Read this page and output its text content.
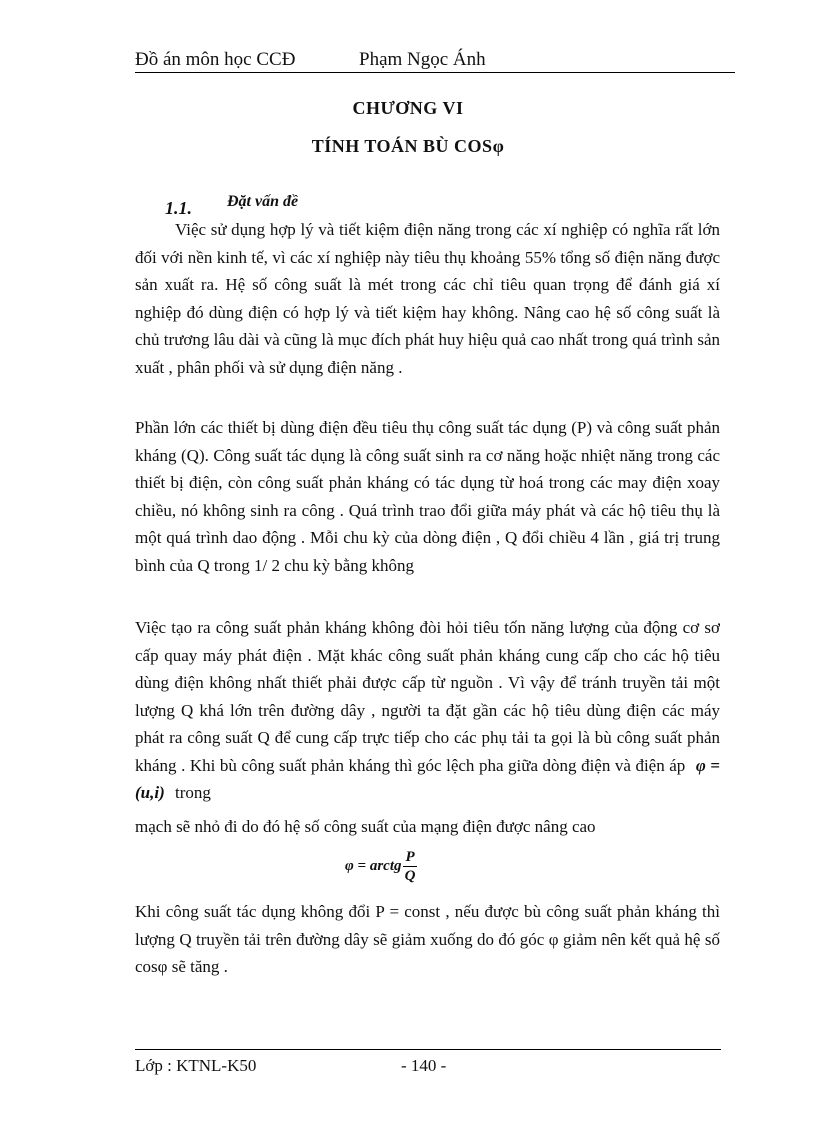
Đồ án môn học CCĐ	Phạm Ngọc Ánh
CHƯƠNG VI
TÍNH TOÁN BÙ COSφ
1.1. Đặt vấn đề

Việc sử dụng hợp lý và tiết kiệm điện năng trong các xí nghiệp có nghĩa rất lớn đối với nền kinh tế, vì các xí nghiệp này tiêu thụ khoảng 55% tổng số điện năng được sản xuất ra. Hệ số công suất là mét trong các chỉ tiêu quan trọng để đánh giá xí nghiệp đó dùng điện có hợp lý và tiết kiệm hay không. Nâng cao hệ số công suất là chủ trương lâu dài và cũng là mục đích phát huy hiệu quả cao nhất trong quá trình sản xuất , phân phối và sử dụng điện năng .

Phần lớn các thiết bị dùng điện đều tiêu thụ công suất tác dụng (P) và công suất phản kháng (Q). Công suất tác dụng là công suất sinh ra cơ năng hoặc nhiệt năng trong các thiết bị điện, còn công suất phản kháng có tác dụng từ hoá trong các may điện xoay chiều, nó không sinh ra công . Quá trình trao đổi giữa máy phát và các hộ tiêu thụ là một quá trình dao động . Mỗi chu kỳ của dòng điện , Q đổi chiều 4 lần , giá trị trung bình của Q trong 1/ 2 chu kỳ bằng không

Việc tạo ra công suất phản kháng không đòi hỏi tiêu tốn năng lượng của động cơ sơ cấp quay máy phát điện . Mặt khác công suất phản kháng cung cấp cho các hộ tiêu dùng điện không nhất thiết phải được cấp từ nguồn . Vì vậy để tránh truyền tải một lượng Q khá lớn trên đường dây , người ta đặt gần các hộ tiêu dùng điện các máy phát ra công suất Q để cung cấp trực tiếp cho các phụ tải ta gọi là bù công suất phản kháng . Khi bù công suất phản kháng thì góc lệch pha giữa dòng điện và điện áp φ = (u,i) trong

mạch sẽ nhỏ đi do đó hệ số công suất của mạng điện được nâng cao
φ = arctg $\frac{P}{Q}$

Khi công suất tác dụng không đổi P = const , nếu được bù công suất phản kháng thì lượng Q truyền tải trên đường dây sẽ giảm xuống do đó góc φ giảm nên kết quả hệ số cosφ sẽ tăng .

Lớp : KTNL-K50	- 140 -
